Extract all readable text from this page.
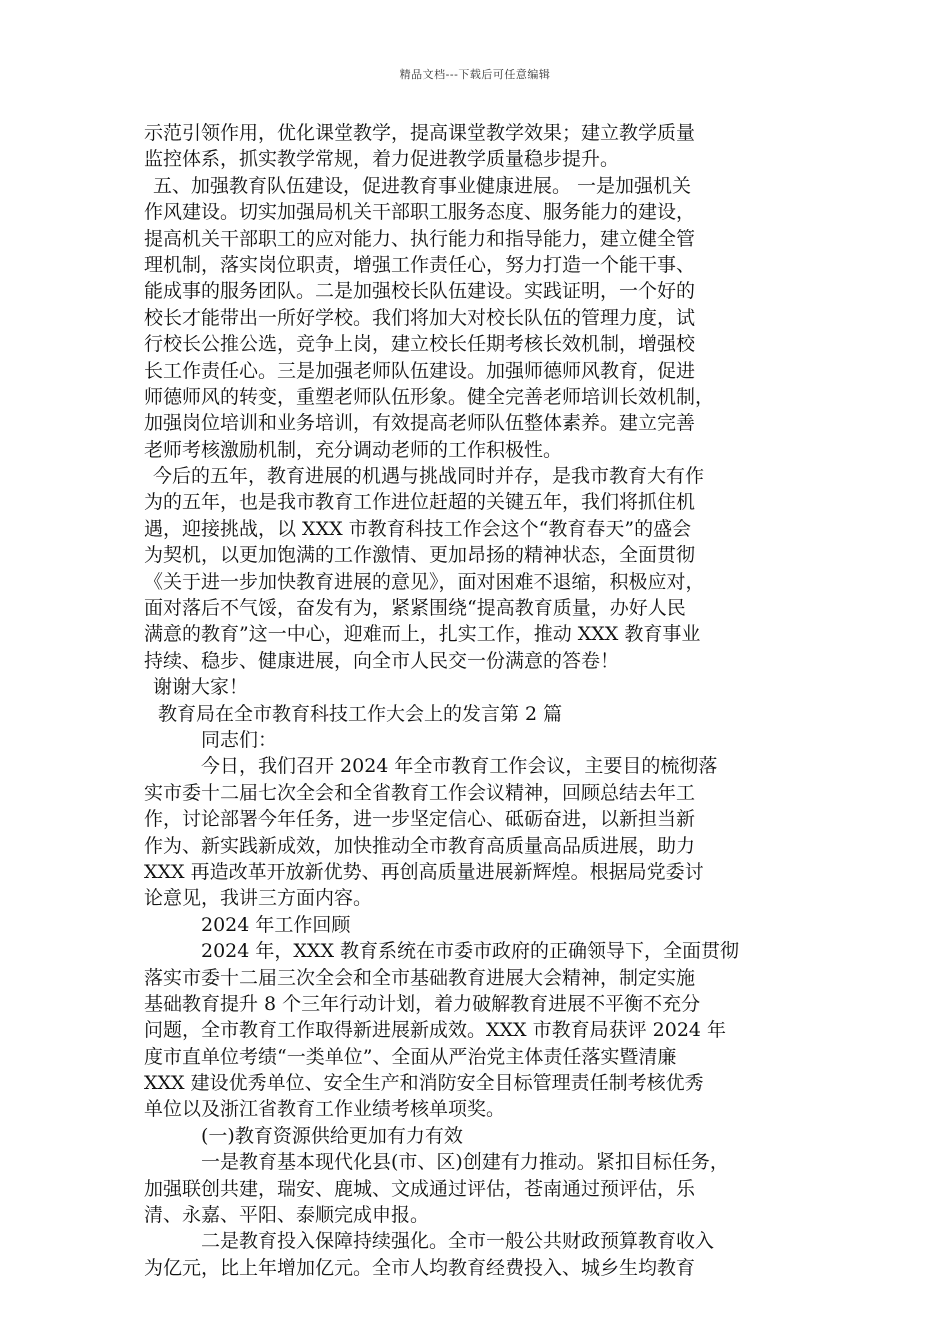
精品文档---下载后可任意编辑
示范引领作用，优化课堂教学，提高课堂教学效果；建立教学质量
监控体系，抓实教学常规，着力促进教学质量稳步提升。
五、加强教育队伍建设，促进教育事业健康进展。 一是加强机关
作风建设。切实加强局机关干部职工服务态度、服务能力的建设，
提高机关干部职工的应对能力、执行能力和指导能力，建立健全管
理机制，落实岗位职责，增强工作责任心，努力打造一个能干事、
能成事的服务团队。二是加强校长队伍建设。实践证明，一个好的
校长才能带出一所好学校。我们将加大对校长队伍的管理力度，试
行校长公推公选，竞争上岗，建立校长任期考核长效机制，增强校
长工作责任心。三是加强老师队伍建设。加强师德师风教育，促进
师德师风的转变，重塑老师队伍形象。健全完善老师培训长效机制，
加强岗位培训和业务培训，有效提高老师队伍整体素养。建立完善
老师考核激励机制，充分调动老师的工作积极性。
今后的五年，教育进展的机遇与挑战同时并存，是我市教育大有作
为的五年，也是我市教育工作进位赶超的关键五年，我们将抓住机
遇，迎接挑战，以 XXX 市教育科技工作会这个“教育春天”的盛会
为契机，以更加饱满的工作激情、更加昂扬的精神状态，全面贯彻
《关于进一步加快教育进展的意见》，面对困难不退缩，积极应对，
面对落后不气馁，奋发有为，紧紧围绕“提高教育质量，办好人民
满意的教育”这一中心，迎难而上，扎实工作，推动 XXX 教育事业
持续、稳步、健康进展，向全市人民交一份满意的答卷！
谢谢大家！
教育局在全市教育科技工作大会上的发言第 2 篇
同志们：
今日，我们召开 2024 年全市教育工作会议，主要目的梳彻落
实市委十二届七次全会和全省教育工作会议精神，回顾总结去年工
作，讨论部署今年任务，进一步坚定信心、砥砺奋进，以新担当新
作为、新实践新成效，加快推动全市教育高质量高品质进展，助力
XXX 再造改革开放新优势、再创高质量进展新辉煌。根据局党委讨
论意见，我讲三方面内容。
2024 年工作回顾
2024 年，XXX 教育系统在市委市政府的正确领导下，全面贯彻
落实市委十二届三次全会和全市基础教育进展大会精神，制定实施
基础教育提升 8 个三年行动计划，着力破解教育进展不平衡不充分
问题，全市教育工作取得新进展新成效。XXX 市教育局获评 2024 年
度市直单位考绩“一类单位”、全面从严治党主体责任落实暨清廉
XXX 建设优秀单位、安全生产和消防安全目标管理责任制考核优秀
单位以及浙江省教育工作业绩考核单项奖。
(一)教育资源供给更加有力有效
一是教育基本现代化县(市、区)创建有力推动。紧扣目标任务，
加强联创共建，瑞安、鹿城、文成通过评估，苍南通过预评估，乐
清、永嘉、平阳、泰顺完成申报。
二是教育投入保障持续强化。全市一般公共财政预算教育收入
为亿元，比上年增加亿元。全市人均教育经费投入、城乡生均教育
